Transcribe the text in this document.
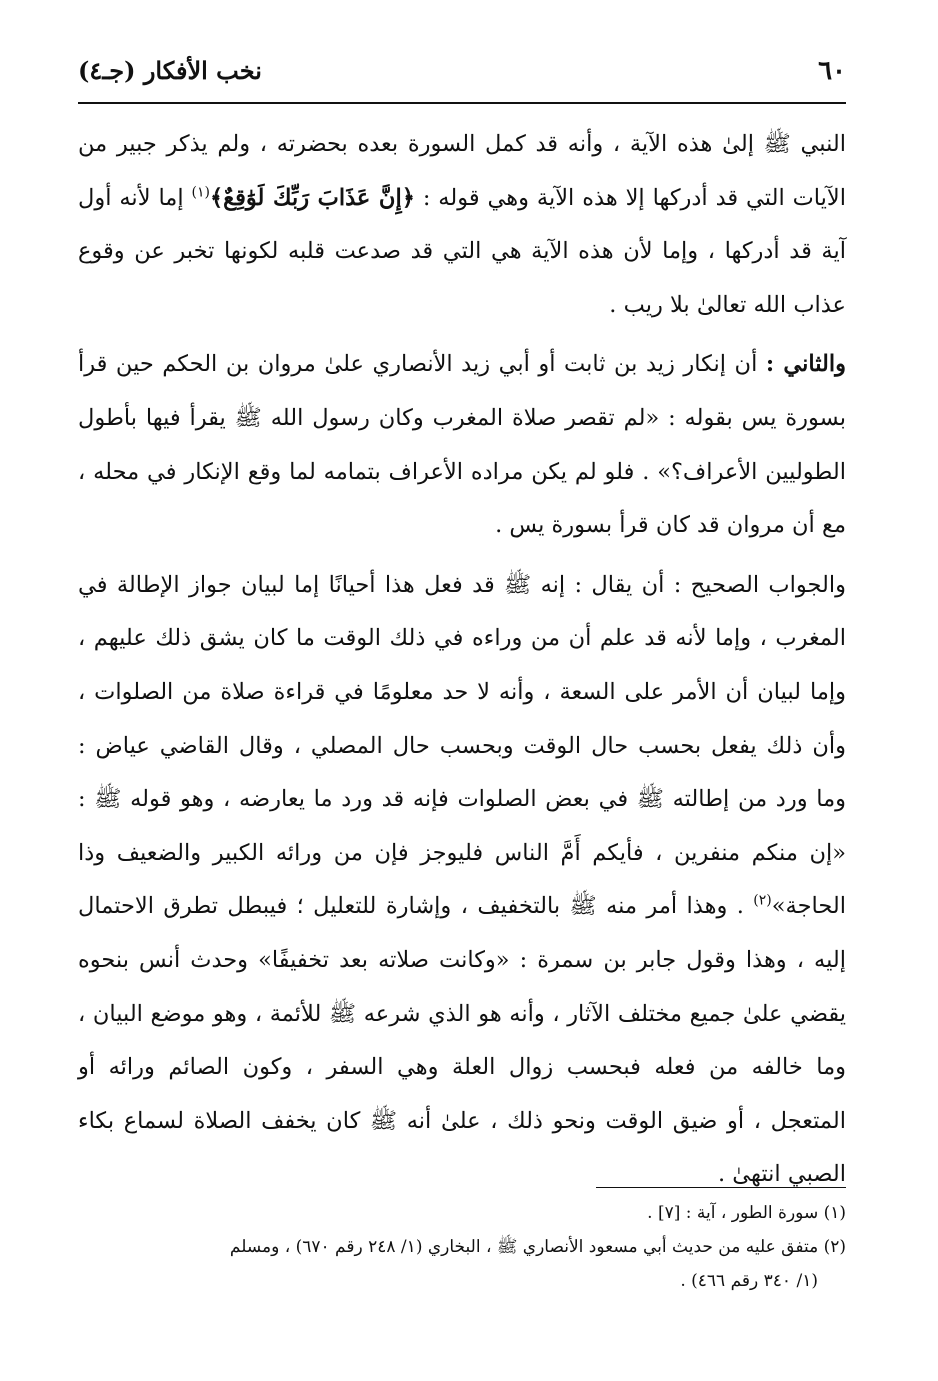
٦٠
نخب الأفكار (جـ٤)

النبي ﷺ إلىٰ هذه الآية ، وأنه قد كمل السورة بعده بحضرته ، ولم يذكر جبير من الآيات التي قد أدركها إلا هذه الآية وهي قوله : ﴿إِنَّ عَذَابَ رَبِّكَ لَوَٰقِعٌ﴾$^{(١)}$ إما لأنه أول آية قد أدركها ، وإما لأن هذه الآية هي التي قد صدعت قلبه لكونها تخبر عن وقوع عذاب الله تعالىٰ بلا ريب .

والثاني : أن إنكار زيد بن ثابت أو أبي زيد الأنصاري علىٰ مروان بن الحكم حين قرأ بسورة يس بقوله : «لم تقصر صلاة المغرب وكان رسول الله ﷺ يقرأ فيها بأطول الطوليين الأعراف؟» . فلو لم يكن مراده الأعراف بتمامه لما وقع الإنكار في محله ، مع أن مروان قد كان قرأ بسورة يس .

والجواب الصحيح : أن يقال : إنه ﷺ قد فعل هذا أحيانًا إما لبيان جواز الإطالة في المغرب ، وإما لأنه قد علم أن من وراءه في ذلك الوقت ما كان يشق ذلك عليهم ، وإما لبيان أن الأمر على السعة ، وأنه لا حد معلومًا في قراءة صلاة من الصلوات ، وأن ذلك يفعل بحسب حال الوقت وبحسب حال المصلي ، وقال القاضي عياض : وما ورد من إطالته ﷺ في بعض الصلوات فإنه قد ورد ما يعارضه ، وهو قوله ﷺ : «إن منكم منفرين ، فأيكم أَمَّ الناس فليوجز فإن من ورائه الكبير والضعيف وذا الحاجة»$^{(٢)}$ . وهذا أمر منه ﷺ بالتخفيف ، وإشارة للتعليل ؛ فيبطل تطرق الاحتمال إليه ، وهذا وقول جابر بن سمرة : «وكانت صلاته بعد تخفيفًا» وحدث أنس بنحوه يقضي علىٰ جميع مختلف الآثار ، وأنه هو الذي شرعه ﷺ للأئمة ، وهو موضع البيان ، وما خالفه من فعله فبحسب زوال العلة وهي السفر ، وكون الصائم ورائه أو المتعجل ، أو ضيق الوقت ونحو ذلك ، علىٰ أنه ﷺ كان يخفف الصلاة لسماع بكاء الصبي انتهىٰ .

(١) سورة الطور ، آية : [٧] .

(٢) متفق عليه من حديث أبي مسعود الأنصاري ﷺ ، البخاري (١/ ٢٤٨ رقم ٦٧٠) ، ومسلم

(١/ ٣٤٠ رقم ٤٦٦) .
